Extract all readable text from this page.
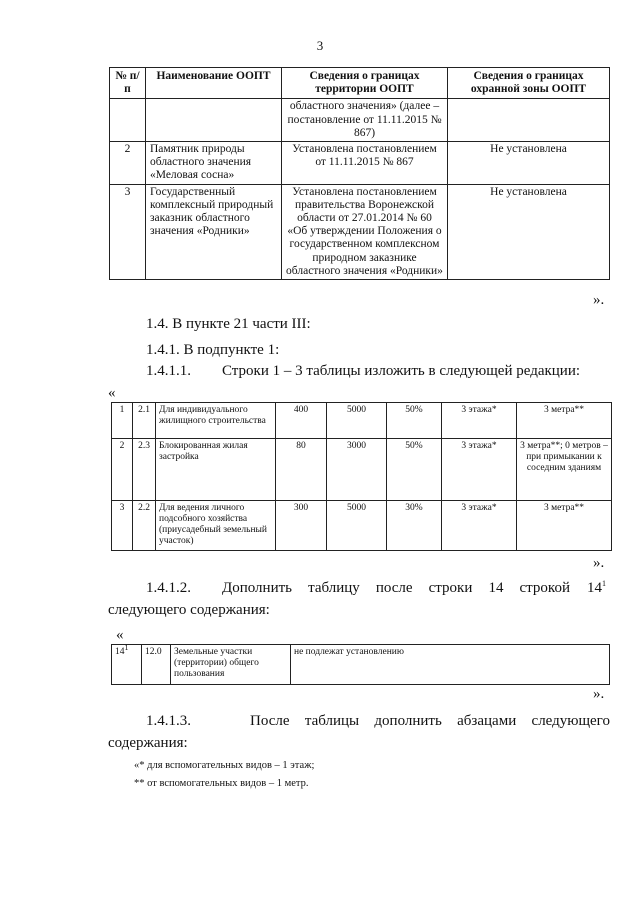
3
№ п/п	Наименование ООПТ	Сведения о границах территории ООПТ	Сведения о границах охранной зоны ООПТ
		областного значения» (далее – постановление от 11.11.2015 № 867)	
2	Памятник природы областного значения «Меловая сосна»	Установлена постановлением от 11.11.2015 № 867	Не установлена
3	Государственный комплексный природный заказник областного значения «Родники»	Установлена постановлением правительства Воронежской области от 27.01.2014 № 60 «Об утверждении Положения о государственном комплексном природном заказнике областного значения «Родники»	Не установлена
».
1.4. В пункте 21 части III:
1.4.1. В подпункте 1:
1.4.1.1. Строки 1 – 3 таблицы изложить в следующей редакции:
«
1	2.1	Для индивидуального жилищного строительства	400	5000	50%	3 этажа*	3 метра**
2	2.3	Блокированная жилая застройка	80	3000	50%	3 этажа*	3 метра**; 0 метров – при примыкании к соседним зданиям
3	2.2	Для ведения личного подсобного хозяйства (приусадебный земельный участок)	300	5000	30%	3 этажа*	3 метра**
».
1.4.1.2. Дополнить таблицу после строки 14 строкой $14^1$
следующего содержания:
«
$14^1$	12.0	Земельные участки (территории) общего пользования	не подлежат установлению
».
1.4.1.3.	После таблицы дополнить абзацами следующего
содержания:
«* для вспомогательных видов – 1 этаж;
** от вспомогательных видов – 1 метр.
